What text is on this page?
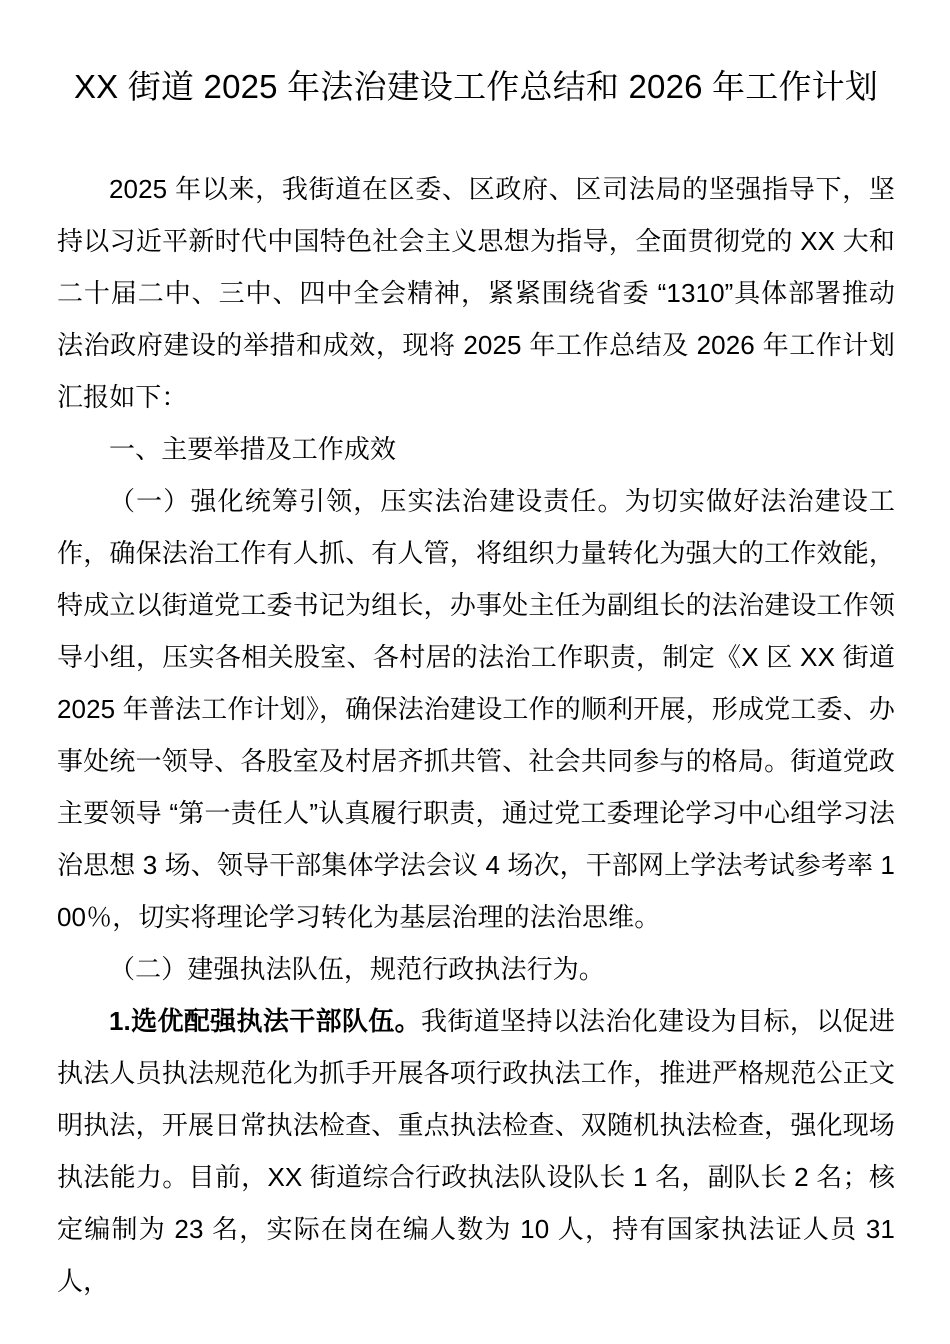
XX 街道 2025 年法治建设工作总结和 2026 年工作计划

2025 年以来，我街道在区委、区政府、区司法局的坚强指导下，坚持以习近平新时代中国特色社会主义思想为指导，全面贯彻党的 XX 大和二十届二中、三中、四中全会精神，紧紧围绕省委 “1310”具体部署推动法治政府建设的举措和成效，现将 2025 年工作总结及 2026 年工作计划汇报如下：

一、主要举措及工作成效

（一）强化统筹引领，压实法治建设责任。为切实做好法治建设工作，确保法治工作有人抓、有人管，将组织力量转化为强大的工作效能，特成立以街道党工委书记为组长，办事处主任为副组长的法治建设工作领导小组，压实各相关股室、各村居的法治工作职责，制定《X 区 XX 街道 2025 年普法工作计划》，确保法治建设工作的顺利开展，形成党工委、办事处统一领导、各股室及村居齐抓共管、社会共同参与的格局。街道党政主要领导 “第一责任人”认真履行职责，通过党工委理论学习中心组学习法治思想 3 场、领导干部集体学法会议 4 场次，干部网上学法考试参考率 100％，切实将理论学习转化为基层治理的法治思维。

（二）建强执法队伍，规范行政执法行为。

1.选优配强执法干部队伍。我街道坚持以法治化建设为目标，以促进执法人员执法规范化为抓手开展各项行政执法工作，推进严格规范公正文明执法，开展日常执法检查、重点执法检查、双随机执法检查，强化现场执法能力。目前，XX 街道综合行政执法队设队长 1 名，副队长 2 名；核定编制为 23 名，实际在岗在编人数为 10 人，持有国家执法证人员 31 人，
